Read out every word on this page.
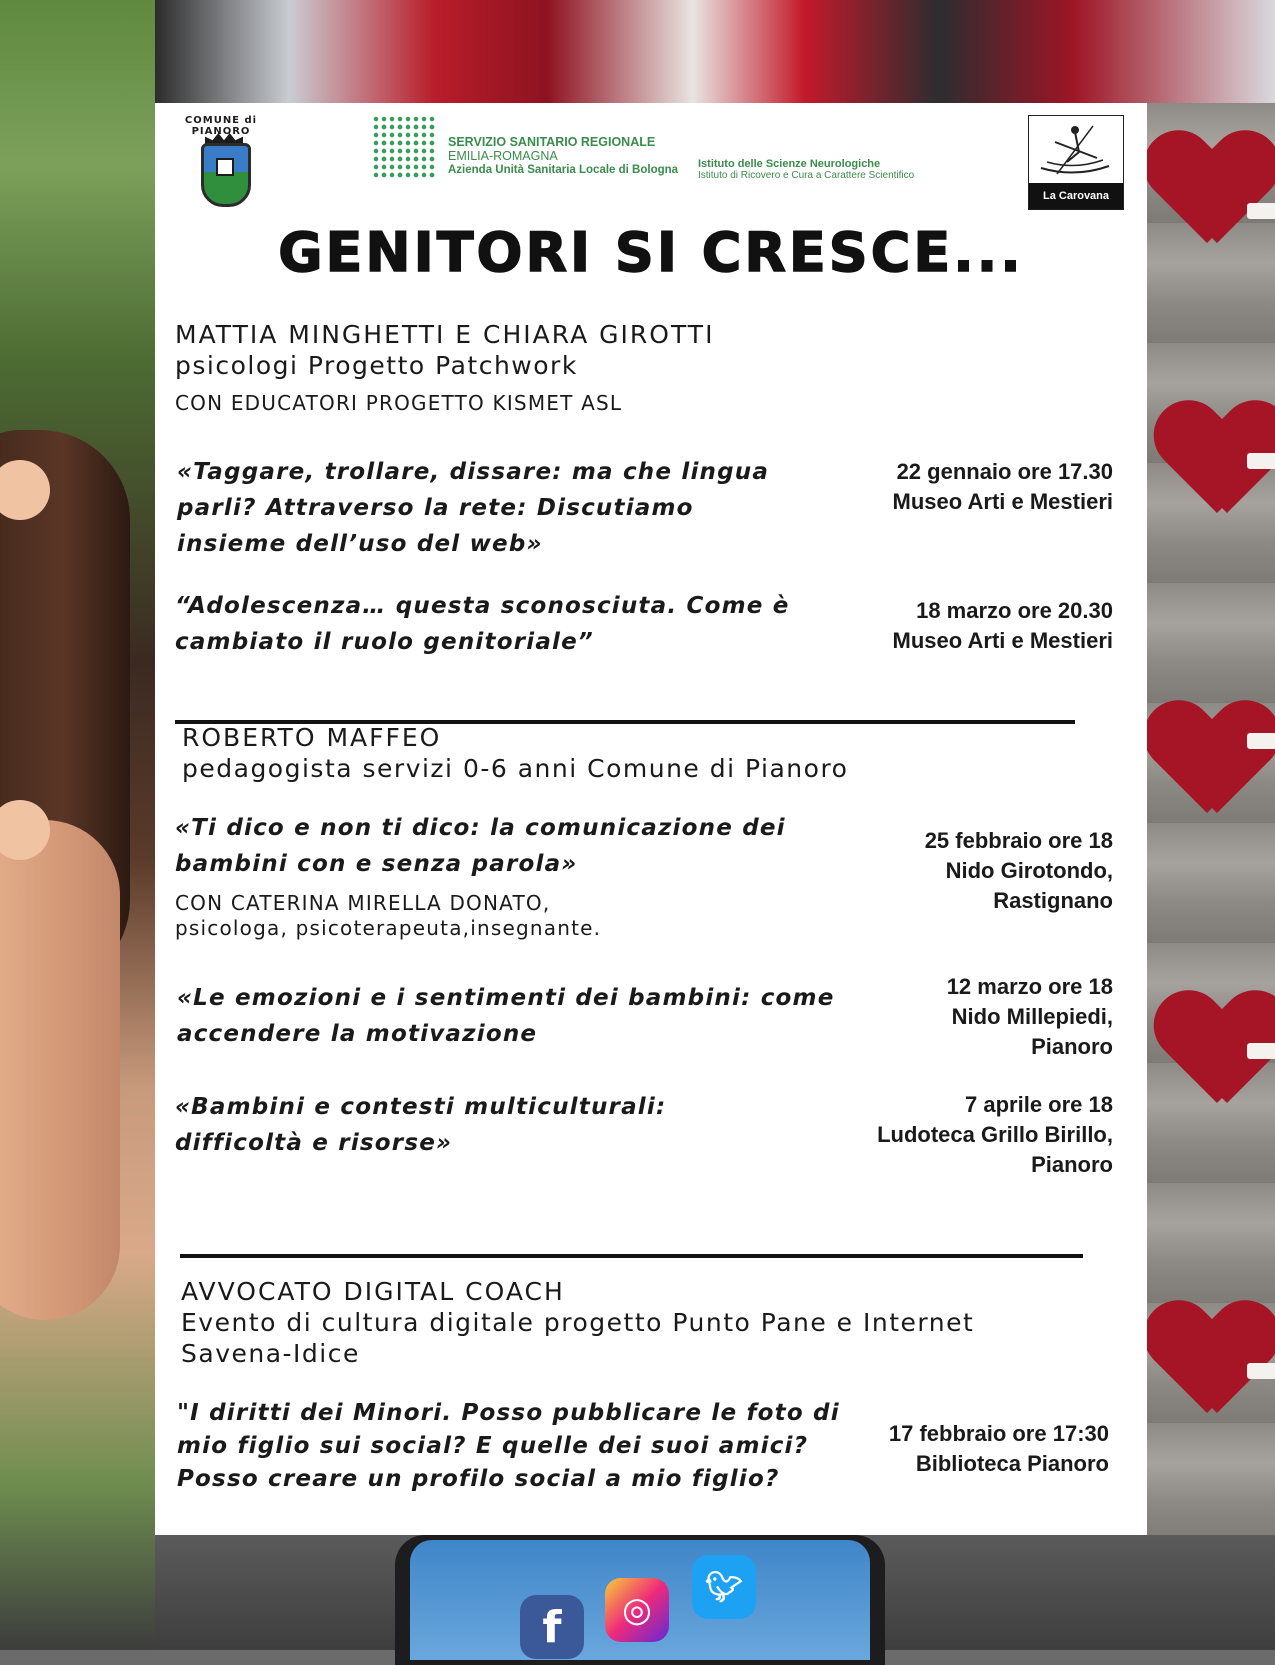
f	◎
🐦︎
COMUNE di PIANORO
SERVIZIO SANITARIO REGIONALE
EMILIA-ROMAGNA
Azienda Unità Sanitaria Locale di Bologna Istituto delle Scienze Neurologiche
Istituto di Ricovero e Cura a Carattere Scientifico
La Carovana Onlus
GENITORI SI CRESCE...
MATTIA MINGHETTI E CHIARA GIROTTI
psicologi Progetto Patchwork
CON EDUCATORI PROGETTO KISMET ASL
«Taggare, trollare, dissare: ma che lingua
parli? Attraverso la rete: Discutiamo
insieme dell’uso del web»
22 gennaio ore 17.30
Museo Arti e Mestieri
“Adolescenza… questa sconosciuta. Come è
cambiato il ruolo genitoriale”
18 marzo ore 20.30
Museo Arti e Mestieri
ROBERTO MAFFEO
pedagogista servizi 0-6 anni Comune di Pianoro
«Ti dico e non ti dico: la comunicazione dei
bambini con e senza parola»
CON CATERINA MIRELLA DONATO,
psicologa, psicoterapeuta,insegnante.
25 febbraio ore 18
Nido Girotondo,
Rastignano
«Le emozioni e i sentimenti dei bambini: come
accendere la motivazione
12 marzo ore 18
Nido Millepiedi,
Pianoro
«Bambini e contesti multiculturali:
difficoltà e risorse»
7 aprile ore 18
Ludoteca Grillo Birillo,
Pianoro
AVVOCATO DIGITAL COACH
Evento di cultura digitale progetto Punto Pane e Internet
Savena-Idice
"I diritti dei Minori. Posso pubblicare le foto di
mio figlio sui social? E quelle dei suoi amici?
Posso creare un profilo social a mio figlio?
17 febbraio ore 17:30
Biblioteca Pianoro
